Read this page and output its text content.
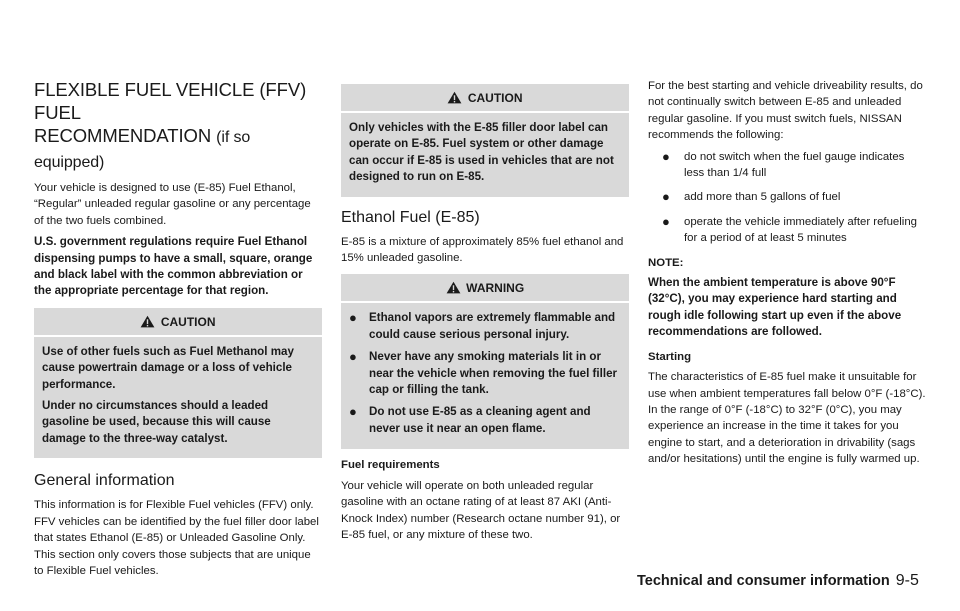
FLEXIBLE FUEL VEHICLE (FFV) FUEL
RECOMMENDATION (if so equipped)

Your vehicle is designed to use (E-85) Fuel Ethanol, “Regular” unleaded regular gasoline or any percentage of the two fuels combined.

U.S. government regulations require Fuel Ethanol dispensing pumps to have a small, square, orange and black label with the common abbreviation or the appropriate percentage for that region.

CAUTION

Use of other fuels such as Fuel Methanol may cause powertrain damage or a loss of vehicle performance.

Under no circumstances should a leaded gasoline be used, because this will cause damage to the three-way catalyst.

General information

This information is for Flexible Fuel vehicles (FFV) only. FFV vehicles can be identified by the fuel filler door label that states Ethanol (E-85) or Unleaded Gasoline Only. This section only covers those subjects that are unique to Flexible Fuel vehicles.

CAUTION

Only vehicles with the E-85 filler door label can operate on E-85. Fuel system or other damage can occur if E-85 is used in vehicles that are not designed to run on E-85.

Ethanol Fuel (E-85)

E-85 is a mixture of approximately 85% fuel ethanol and 15% unleaded gasoline.

WARNING
● Ethanol vapors are extremely flammable and could cause serious personal injury.
● Never have any smoking materials lit in or near the vehicle when removing the fuel filler cap or filling the tank.
● Do not use E-85 as a cleaning agent and never use it near an open flame.

Fuel requirements

Your vehicle will operate on both unleaded regular gasoline with an octane rating of at least 87 AKI (Anti-Knock Index) number (Research octane number 91), or E-85 fuel, or any mixture of these two.

For the best starting and vehicle driveability results, do not continually switch between E-85 and unleaded regular gasoline. If you must switch fuels, NISSAN recommends the following:

● do not switch when the fuel gauge indicates less than 1/4 full
● add more than 5 gallons of fuel
● operate the vehicle immediately after refueling for a period of at least 5 minutes

NOTE:

When the ambient temperature is above 90°F (32°C), you may experience hard starting and rough idle following start up even if the above recommendations are followed.

Starting

The characteristics of E-85 fuel make it unsuitable for use when ambient temperatures fall below 0°F (-18°C). In the range of 0°F (-18°C) to 32°F (0°C), you may experience an increase in the time it takes for you engine to start, and a deterioration in drivability (sags and/or hesitations) until the engine is fully warmed up.

Technical and consumer information 9-5
